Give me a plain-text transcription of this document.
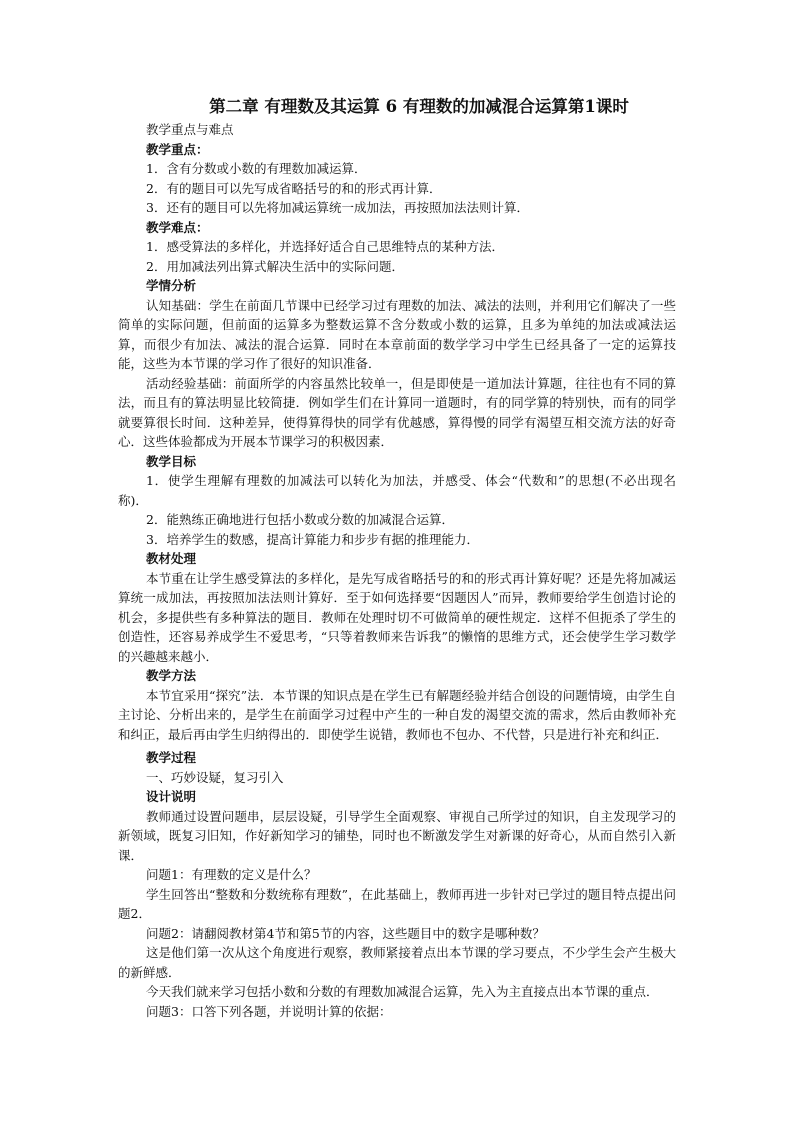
第二章 有理数及其运算 6 有理数的加减混合运算第1课时

教学重点与难点

教学重点：

1．含有分数或小数的有理数加减运算．

2．有的题目可以先写成省略括号的和的形式再计算．

3．还有的题目可以先将加减运算统一成加法，再按照加法法则计算．

教学难点：

1．感受算法的多样化，并选择好适合自己思维特点的某种方法．

2．用加减法列出算式解决生活中的实际问题．

学情分析

认知基础：学生在前面几节课中已经学习过有理数的加法、减法的法则，并利用它们解决了一些简单的实际问题，但前面的运算多为整数运算不含分数或小数的运算，且多为单纯的加法或减法运算，而很少有加法、减法的混合运算．同时在本章前面的数学学习中学生已经具备了一定的运算技能，这些为本节课的学习作了很好的知识准备．

活动经验基础：前面所学的内容虽然比较单一，但是即使是一道加法计算题，往往也有不同的算法，而且有的算法明显比较简捷．例如学生们在计算同一道题时，有的同学算的特别快，而有的同学就要算很长时间．这种差异，使得算得快的同学有优越感，算得慢的同学有渴望互相交流方法的好奇心．这些体验都成为开展本节课学习的积极因素．

教学目标

1．使学生理解有理数的加减法可以转化为加法，并感受、体会“代数和”的思想(不必出现名称)．

2．能熟练正确地进行包括小数或分数的加减混合运算．

3．培养学生的数感，提高计算能力和步步有据的推理能力．

教材处理

本节重在让学生感受算法的多样化，是先写成省略括号的和的形式再计算好呢？还是先将加减运算统一成加法，再按照加法法则计算好．至于如何选择要“因题因人”而异，教师要给学生创造讨论的机会，多提供些有多种算法的题目．教师在处理时切不可做简单的硬性规定．这样不但扼杀了学生的创造性，还容易养成学生不爱思考，“只等着教师来告诉我”的懒惰的思维方式，还会使学生学习数学的兴趣越来越小．

教学方法

本节宜采用“探究”法．本节课的知识点是在学生已有解题经验并结合创设的问题情境，由学生自主讨论、分析出来的，是学生在前面学习过程中产生的一种自发的渴望交流的需求，然后由教师补充和纠正，最后再由学生归纳得出的．即使学生说错，教师也不包办、不代替，只是进行补充和纠正．

教学过程

一、巧妙设疑，复习引入

设计说明

教师通过设置问题串，层层设疑，引导学生全面观察、审视自己所学过的知识，自主发现学习的新领域，既复习旧知，作好新知学习的铺垫，同时也不断激发学生对新课的好奇心，从而自然引入新课．

问题1：有理数的定义是什么？

学生回答出“整数和分数统称有理数”，在此基础上，教师再进一步针对已学过的题目特点提出问题2．

问题2：请翻阅教材第4节和第5节的内容，这些题目中的数字是哪种数？

这是他们第一次从这个角度进行观察，教师紧接着点出本节课的学习要点，不少学生会产生极大的新鲜感．

今天我们就来学习包括小数和分数的有理数加减混合运算，先入为主直接点出本节课的重点．

问题3：口答下列各题，并说明计算的依据：
